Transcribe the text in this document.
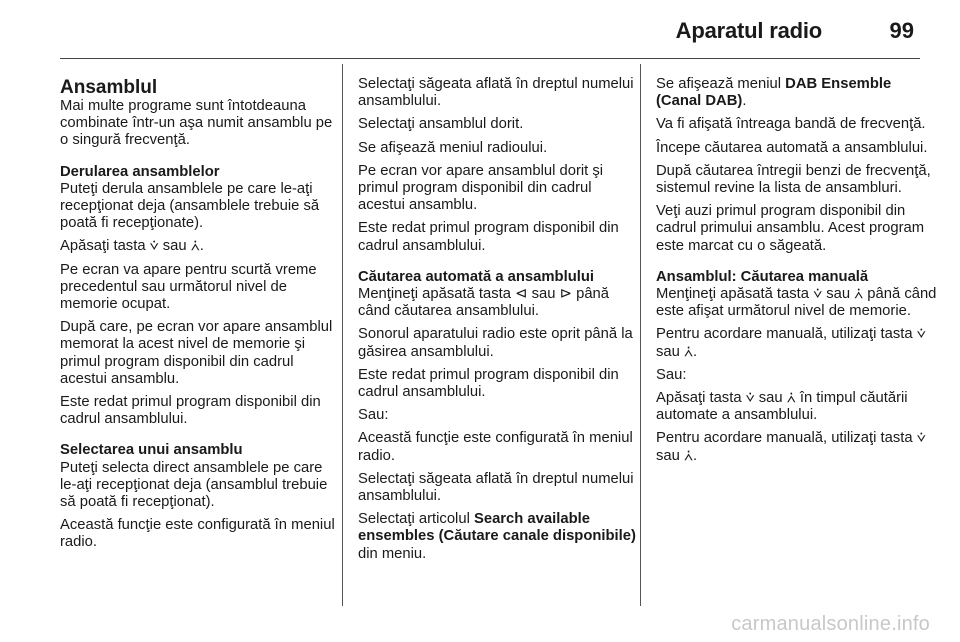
Aparatul radio	99
Ansamblul

Mai multe programe sunt întotdeauna combinate într-un aşa numit ansamblu pe o singură frecvenţă.

Derularea ansamblelor

Puteţi derula ansamblele pe care le-aţi recepţionat deja (ansamblele trebuie să poată fi recepţionate).

Apăsaţi tasta ⩒ sau ⩑.

Pe ecran va apare pentru scurtă vreme precedentul sau următorul nivel de memorie ocupat.

După care, pe ecran vor apare ansamblul memorat la acest nivel de memorie şi primul program disponibil din cadrul acestui ansamblu.

Este redat primul program disponibil din cadrul ansamblului.

Selectarea unui ansamblu

Puteţi selecta direct ansamblele pe care le-aţi recepţionat deja (ansamblul trebuie să poată fi recepţionat).

Această funcţie este configurată în meniul radio.

Selectaţi săgeata aflată în dreptul numelui ansamblului.

Selectaţi ansamblul dorit.

Se afişează meniul radioului.

Pe ecran vor apare ansamblul dorit şi primul program disponibil din cadrul acestui ansamblu.

Este redat primul program disponibil din cadrul ansamblului.

Căutarea automată a ansamblului

Menţineţi apăsată tasta ⊲ sau ⊳ până când căutarea ansamblului.

Sonorul aparatului radio este oprit până la găsirea ansamblului.

Este redat primul program disponibil din cadrul ansamblului.

Sau:

Această funcţie este configurată în meniul radio.

Selectaţi săgeata aflată în dreptul numelui ansamblului.

Selectaţi articolul Search available ensembles (Căutare canale disponibile) din meniu.

Se afişează meniul DAB Ensemble (Canal DAB).

Va fi afişată întreaga bandă de frecvenţă.

Începe căutarea automată a ansamblului.

După căutarea întregii benzi de frecvenţă, sistemul revine la lista de ansambluri.

Veţi auzi primul program disponibil din cadrul primului ansamblu. Acest program este marcat cu o săgeată.

Ansamblul: Căutarea manuală

Menţineţi apăsată tasta ⩒ sau ⩑ până când este afişat următorul nivel de memorie.

Pentru acordare manuală, utilizaţi tasta ⩒ sau ⩑.

Sau:

Apăsaţi tasta ⩒ sau ⩑ în timpul căutării automate a ansamblului.

Pentru acordare manuală, utilizaţi tasta ⩒ sau ⩑.

carmanualsonline.info
